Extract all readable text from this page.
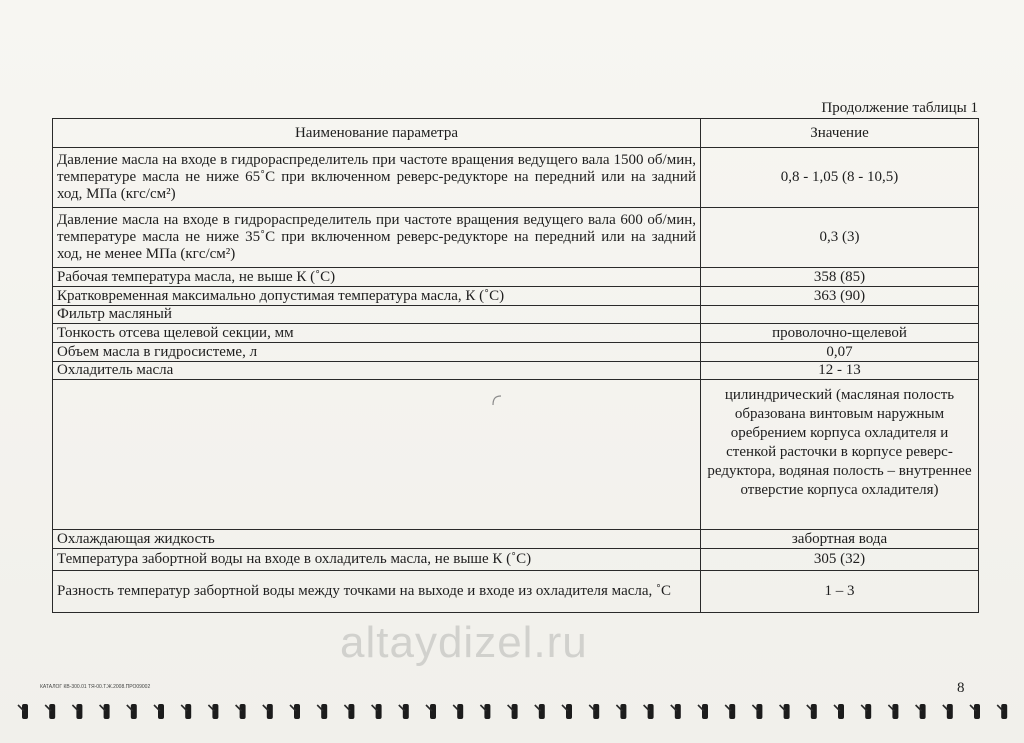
Продолжение таблицы 1
Наименование параметра	Значение
Давление масла на входе в гидрораспределитель при частоте вращения ведущего вала 1500 об/мин, температуре масла не ниже 65˚С при включенном реверс-редукторе на передний или на задний ход, МПа (кгс/см²)	0,8 - 1,05 (8 - 10,5)
Давление масла на входе в гидрораспределитель при частоте вращения ведущего вала 600 об/мин, температуре масла не ниже 35˚С при включенном реверс-редукторе на передний или на задний ход, не менее МПа (кгс/см²)	0,3 (3)
Рабочая температура масла, не выше К (˚С)	358 (85)
Кратковременная максимально допустимая температура масла, К (˚С)	363 (90)
Фильтр масляный	
Тонкость отсева щелевой секции, мм	проволочно-щелевой
Объем масла в гидросистеме, л	0,07
Охладитель масла	12 - 13
	цилиндрический (масляная полость образована винтовым наружным оребрением корпуса охладителя и стенкой расточки в корпусе реверс-редуктора, водяная полость – внутреннее отверстие корпуса охладителя)
Охлаждающая жидкость	забортная вода
Температура забортной воды на входе в охладитель масла, не выше К (˚С)	305 (32)
Разность температур забортной воды между точками на выходе и входе из охладителя масла, ˚С	1 – 3
altaydizel.ru
КАТАЛОГ КВ-300.01 ТЯ-00.Т.Ж.2008.ПРО09002	8
